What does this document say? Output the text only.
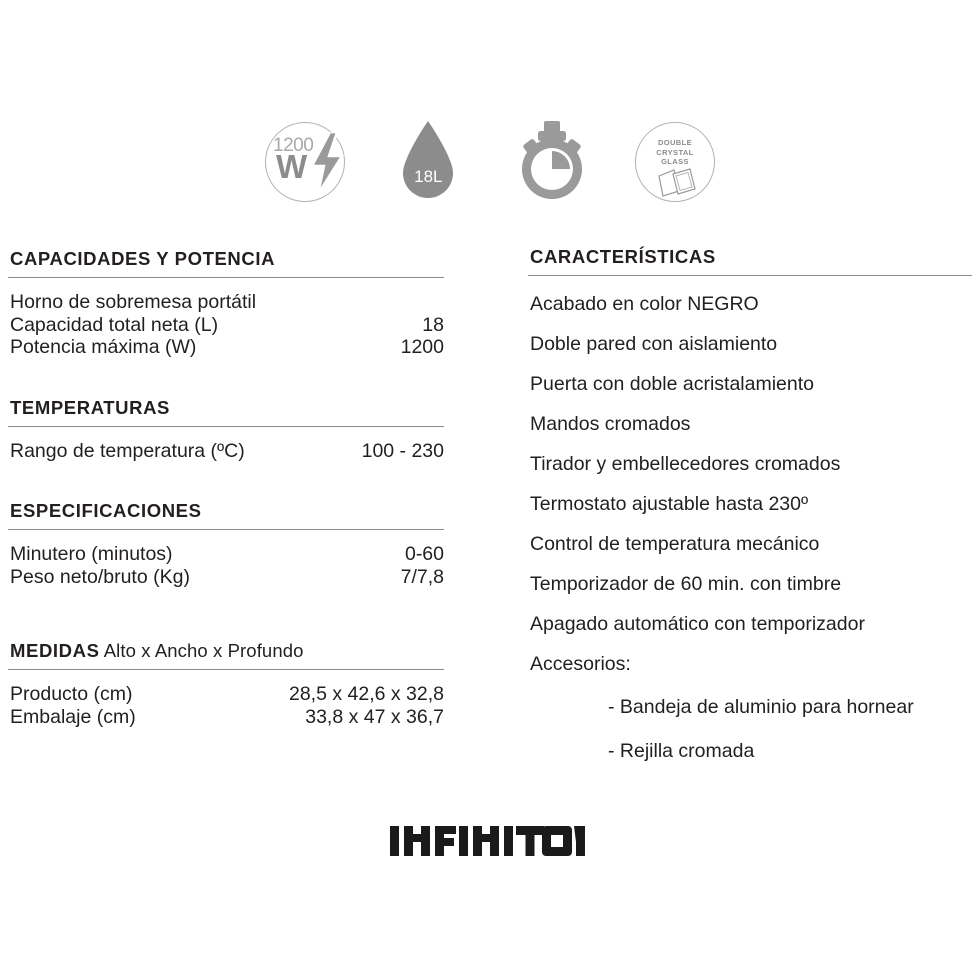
1200
W	18L
DOUBLE
CRYSTAL
GLASS
CAPACIDADES Y POTENCIA
Horno de sobremesa portátil
Capacidad total neta (L)	18
Potencia máxima (W)	1200
TEMPERATURAS
Rango de temperatura (ºC)	100 - 230
ESPECIFICACIONES
Minutero (minutos)	0-60
Peso neto/bruto (Kg)	7/7,8
MEDIDAS Alto x Ancho x Profundo
Producto (cm)	28,5 x 42,6 x 32,8
Embalaje (cm)	33,8 x 47 x 36,7
CARACTERÍSTICAS
Acabado en color NEGRO
Doble pared con aislamiento
Puerta con doble acristalamiento
Mandos cromados
Tirador y embellecedores cromados
Termostato ajustable hasta 230º
Control de temperatura mecánico
Temporizador de 60 min. con timbre
Apagado automático con temporizador
Accesorios:
- Bandeja de aluminio para hornear
- Rejilla cromada
